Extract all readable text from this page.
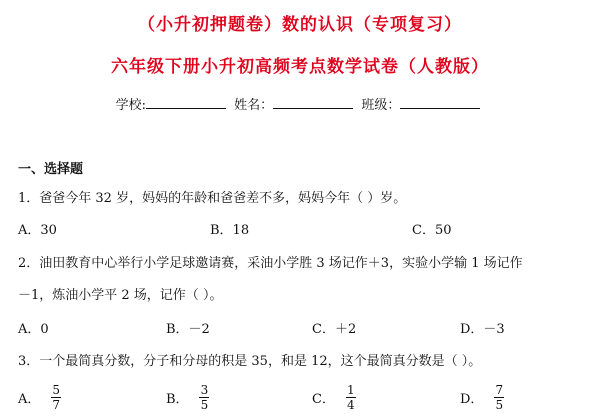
（小升初押题卷）数的认识（专项复习）
六年级下册小升初高频考点数学试卷（人教版）
学校:	姓名：	班级：
一、选择题
1．爸爸今年 32 岁，妈妈的年龄和爸爸差不多，妈妈今年（ ）岁。
A．30	B．18	C．50
2．油田教育中心举行小学足球邀请赛，采油小学胜 3 场记作＋3，实验小学输 1 场记作
－1，炼油小学平 2 场，记作（ ）。
A．0	B．－2	C．＋2	D．－3
3．一个最简真分数，分子和分母的积是 35，和是 12，这个最简真分数是（ ）。
A． $\frac{5}{7}$	B． $\frac{3}{5}$	C． $\frac{1}{4}$	D． $\frac{7}{5}$
